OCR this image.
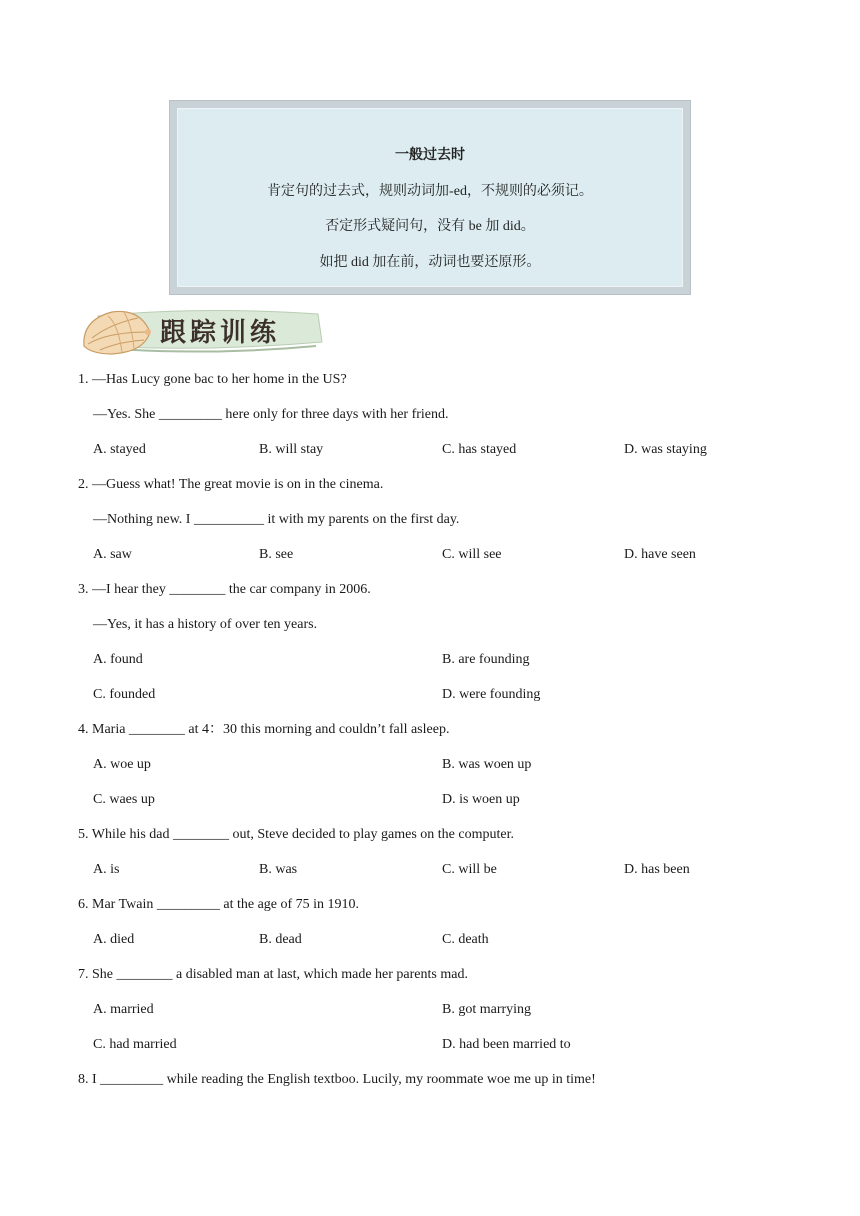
一般过去时
肯定句的过去式，规则动词加-ed，不规则的必须记。
否定形式疑问句，没有 be 加 did。
如把 did 加在前，动词也要还原形。
跟踪训练
1. —Has Lucy gone bac to her home in the US?
—Yes. She _________ here only for three days with her friend.
A. stayed	B. will stay	C. has stayed	D. was staying
2. —Guess what! The great movie is on in the cinema.
—Nothing new. I __________ it with my parents on the first day.
A. saw	B. see	C. will see	D. have seen
3. —I hear they ________ the car company in 2006.
—Yes, it has a history of over ten years.
A. found	B. are founding
C. founded	D. were founding
4. Maria ________ at 4：30 this morning and couldn’t fall asleep.
A. woe up	B. was woen up
C. waes up	D. is woen up
5. While his dad ________ out, Steve decided to play games on the computer.
A. is	B. was	C. will be	D. has been
6. Mar Twain _________ at the age of 75 in 1910.
A. died	B. dead	C. death
7. She ________ a disabled man at last, which made her parents mad.
A. married	B. got marrying
C. had married	D. had been married to
8. I _________ while reading the English textboo. Lucily, my roommate woe me up in time!
